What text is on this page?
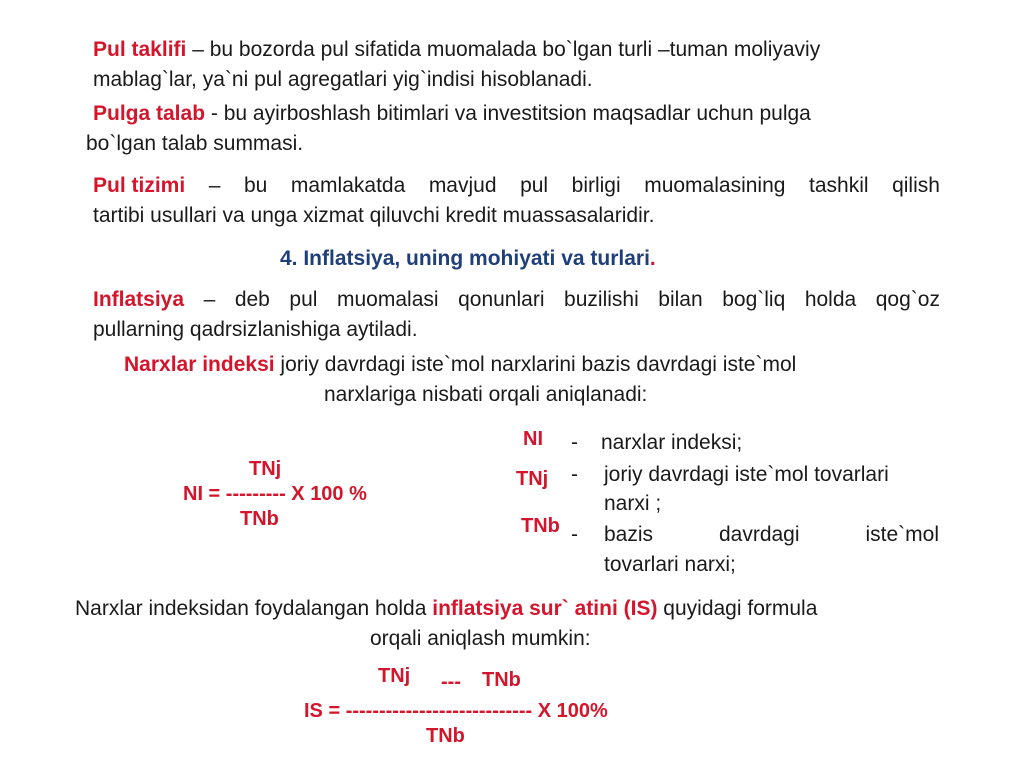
Pul taklifi – bu bozorda pul sifatida muomalada bo`lgan turli –tuman moliyaviy
mablag`lar, ya`ni pul agregatlari yig`indisi hisoblanadi.
Pulga talab - bu ayirboshlash bitimlari va investitsion maqsadlar uchun pulga
bo`lgan talab summasi.
Pul tizimi – bu mamlakatda mavjud pul birligi muomalasining tashkil qilish
tartibi usullari va unga xizmat qiluvchi kredit muassasalaridir.
4. Inflatsiya, uning mohiyati va turlari.
Inflatsiya – deb pul muomalasi qonunlari buzilishi bilan bog`liq holda qog`oz
pullarning qadrsizlanishiga aytiladi.
Narxlar indeksi joriy davrdagi iste`mol narxlarini bazis davrdagi iste`mol
narxlariga nisbati orqali aniqlanadi:
TNj
NI = --------- X 100 %
TNb
NI
TNj
TNb
-
-
-
narxlar indeksi;
joriy davrdagi iste`mol tovarlari
narxi ;
bazis	davrdagi	iste`mol
tovarlari narxi;
Narxlar indeksidan foydalangan holda inflatsiya sur` atini (IS) quyidagi formula
orqali aniqlash mumkin:
TNj --- TNb
IS = ---------------------------- X 100%
TNb
